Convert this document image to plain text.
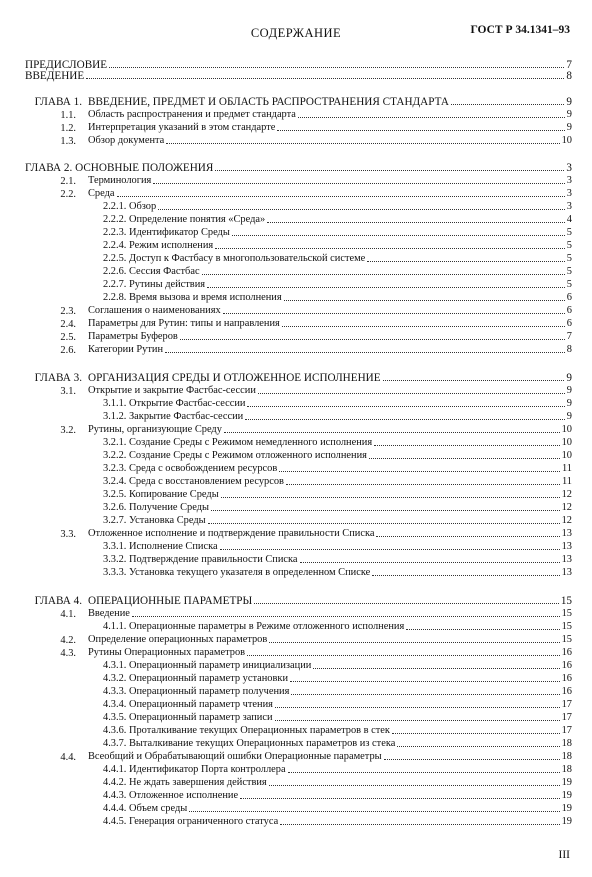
СОДЕРЖАНИЕ	ГОСТ Р 34.1341–93
ПРЕДИСЛОВИЕ	7
ВВЕДЕНИЕ	8
ГЛАВА 1. ВВЕДЕНИЕ, ПРЕДМЕТ И ОБЛАСТЬ РАСПРОСТРАНЕНИЯ СТАНДАРТА	9
1.1. Область распространения и предмет стандарта	9
1.2. Интерпретация указаний в этом стандарте	9
1.3. Обзор документа	10
ГЛАВА 2. ОСНОВНЫЕ ПОЛОЖЕНИЯ	3
2.1. Терминология	3
2.2. Среда	3
2.2.1. Обзор	3
2.2.2. Определение понятия «Среда»	4
2.2.3. Идентификатор Среды	5
2.2.4. Режим исполнения	5
2.2.5. Доступ к Фастбасу в многопользовательской системе	5
2.2.6. Сессия Фастбас	5
2.2.7. Рутины действия	5
2.2.8. Время вызова и время исполнения	6
2.3. Соглашения о наименованиях	6
2.4. Параметры для Рутин: типы и направления	6
2.5. Параметры Буферов	7
2.6. Категории Рутин	8
ГЛАВА 3. ОРГАНИЗАЦИЯ СРЕДЫ И ОТЛОЖЕННОЕ ИСПОЛНЕНИЕ	9
3.1. Открытие и закрытие Фастбас-сессии	9
3.1.1. Открытие Фастбас-сессии	9
3.1.2. Закрытие Фастбас-сессии	9
3.2. Рутины, организующие Среду	10
3.2.1. Создание Среды с Режимом немедленного исполнения	10
3.2.2. Создание Среды с Режимом отложенного исполнения	10
3.2.3. Среда с освобождением ресурсов	11
3.2.4. Среда с восстановлением ресурсов	11
3.2.5. Копирование Среды	12
3.2.6. Получение Среды	12
3.2.7. Установка Среды	12
3.3. Отложенное исполнение и подтверждение правильности Списка	13
3.3.1. Исполнение Списка	13
3.3.2. Подтверждение правильности Списка	13
3.3.3. Установка текущего указателя в определенном Списке	13
ГЛАВА 4. ОПЕРАЦИОННЫЕ ПАРАМЕТРЫ	15
4.1. Введение	15
4.1.1. Операционные параметры в Режиме отложенного исполнения	15
4.2. Определение операционных параметров	15
4.3. Рутины Операционных параметров	16
4.3.1. Операционный параметр инициализации	16
4.3.2. Операционный параметр установки	16
4.3.3. Операционный параметр получения	16
4.3.4. Операционный параметр чтения	17
4.3.5. Операционный параметр записи	17
4.3.6. Проталкивание текущих Операционных параметров в стек	17
4.3.7. Выталкивание текущих Операционных параметров из стека	18
4.4. Всеобщий и Обрабатывающий ошибки Операционные параметры	18
4.4.1. Идентификатор Порта контроллера	18
4.4.2. Не ждать завершения действия	19
4.4.3. Отложенное исполнение	19
4.4.4. Объем среды	19
4.4.5. Генерация ограниченного статуса	19
III
